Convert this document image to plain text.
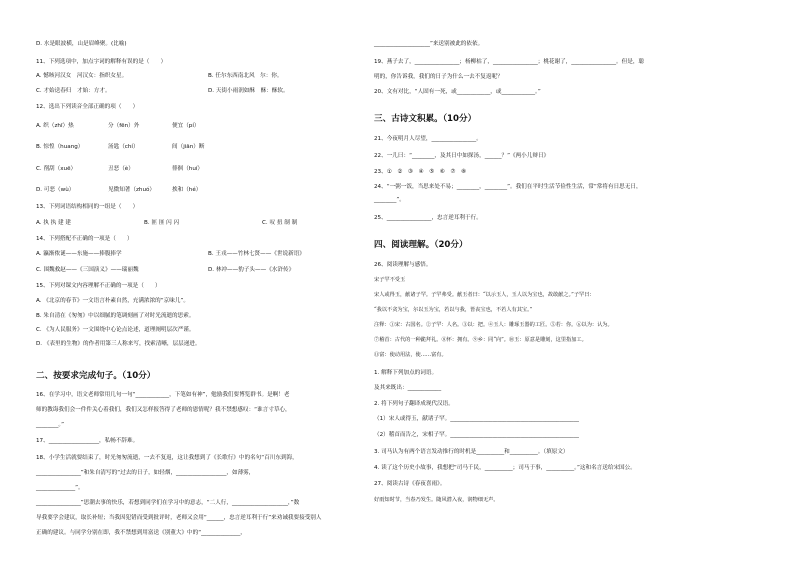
D. 水是眼波横，山是眉峰聚。(比喻)
11、下列选项中，加点字词的解释有误的是（　　）
A. 憾咳河汉女　河汉女：指织女星。	B. 任尔东西南北风　尔：你。
C. 才始送春归　才始：方才。	D. 天街小雨润如酥　酥：酥软。
12、选出下列读音全部正确的项（　　）
A. 织（zhī）热	分（fēn）外	便宜（pí）
B. 惊惶（huang）	汤匙（chí）	间（jiān）断
C. 削刮（xuē）	丑恶（è）	徘徊（huí）
D. 可恶（wù）	见微知著（zhuó）	挨和（hé）
13、下列词语结构相同的一组是（　　）
A. 执 执 建 建	B. 匪 匪 闪 闪	C. 叹 扭 制 制
14、下列搭配不正确的一项是（　　）
A. 瀛渐侬谜——东施——捧腹捧学	B. 王戎——竹林七贤——《世说新语》
C. 围魏救赵——《三国演义》——瑞丽魏	D. 林冲——豹子头——《水浒传》
15、下列对课文内容理解不正确的一项是（　　）
A. 《北京的春节》一文语言朴素自然，充满浓浓的“京味儿”。
B. 朱自清在《匆匆》中以细腻的笔调刻画了对时光流逝的思索。
C. 《为人民服务》一文围绕中心论点论述，道理阐明层次严谨。
D. 《表里的生物》的作者用第三人称来写，找索清晰，层层递进。
二、按要求完成句子。（10分）
16、在学习中，语文老师常用几句一句“____________，下笔如有神”，勉励我们要博览群书。是啊！老
师的教诲我们会一件件关心着我们，我们又怎样报答得了老师的恩情呢？我不禁想感叹：“谁言寸草心，
________。”
17、__________________，私畅不辞难。
18、小学生活就要结束了，时光匆匆流逝，一去不复返，这让我想到了《长歌行》中的名句“百川东到海，
________________”和朱自清写的“过去的日子，如轻烟，__________________，如薄雾，
______________”。
________________”思潮去事的快乐，若想到同学们在学习中的意志，“二人行，____________________，”数
导我要学会建议，取长补短；当我因犯错而受到批评时，老师又会用“______，忠言逆耳利于行”来劝诫我要接受别人
正确的建议。与同学分别在即，我不禁想到用富送《别董大》中的“______________，
____________________”来送别被此的依依。
19、燕子去了，________________；杨柳枯了，________________；桃花谢了，________________。但是，聪
明的，你告诉我，我们的日子为什么一去不复返呢？
20、文有对比，“人固有一死，或____________，或____________。”
三、古诗文积累。（10分）
21、今夜明月人尽望，________________。
22、一儿曰：“________，及其日中如探汤，______？”《两小儿辩日》
23、①　②　③　④　⑤　⑥　⑦　⑧
24、“一粥一饭，当思来处不易；________，________”。我们在平时生活节俭性生活，常“常将有日思无日，
________”。
25、________________，忠言逆耳利于行。
四、阅读理解。（20分）
26、阅读理解与感悟。
宋子罕不受玉
宋人或得玉，献诸子罕。子罕弗受。献玉者曰：“以示玉人，玉人以为宝也，故敢献之。”子罕曰：
“我以不贪为宝，尔以玉为宝，若以与我，皆丧宝也，不若人有其宝。”
注释：①宋：古国名。②子罕：人名。③以：把。④玉人：雕琢玉器的工匠。⑤若：你。⑥以为：认为。
⑦稽首：古代的一种跪拜礼。⑧怀：拥有。⑨乡：同“向”。⑩玉：原意是雕刻，这里指加工。
⑪富：使动用法，使……富有。
1. 解释下列加点的词语。
及其来既出：____________
2. 将下列句子翻译成现代汉语。
（1）宋人或得玉，献诸子罕。______________________________________________
（2）稽首而告之，宋相子罕。______________________________________________
3. 司马认为有两个语言发动推行的时机是__________和__________。（填原文）
4. 读了这个历史小故事，我想把“司马千民，__________；司马于事，__________。”这和名言送给宋国公。
27、阅读古诗《春夜喜雨》。
好雨知时节，当春乃发生。随风潜入夜，润物细无声。
